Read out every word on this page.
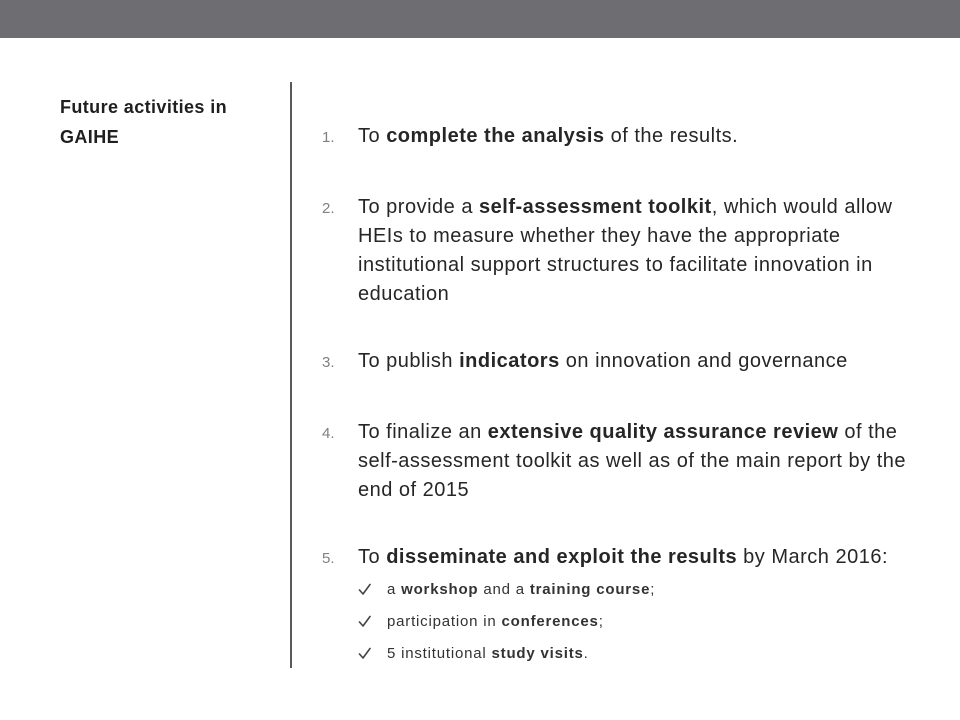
Future activities in GAIHE	1. To complete the analysis of the results.
2. To provide a self-assessment toolkit, which would allow HEIs to measure whether they have the appropriate institutional support structures to facilitate innovation in education
3. To publish indicators on innovation and governance
4. To finalize an extensive quality assurance review of the self-assessment toolkit as well as of the main report by the end of 2015
5. To disseminate and exploit the results by March 2016:
a workshop and a training course;
participation in conferences;
5 institutional study visits.
